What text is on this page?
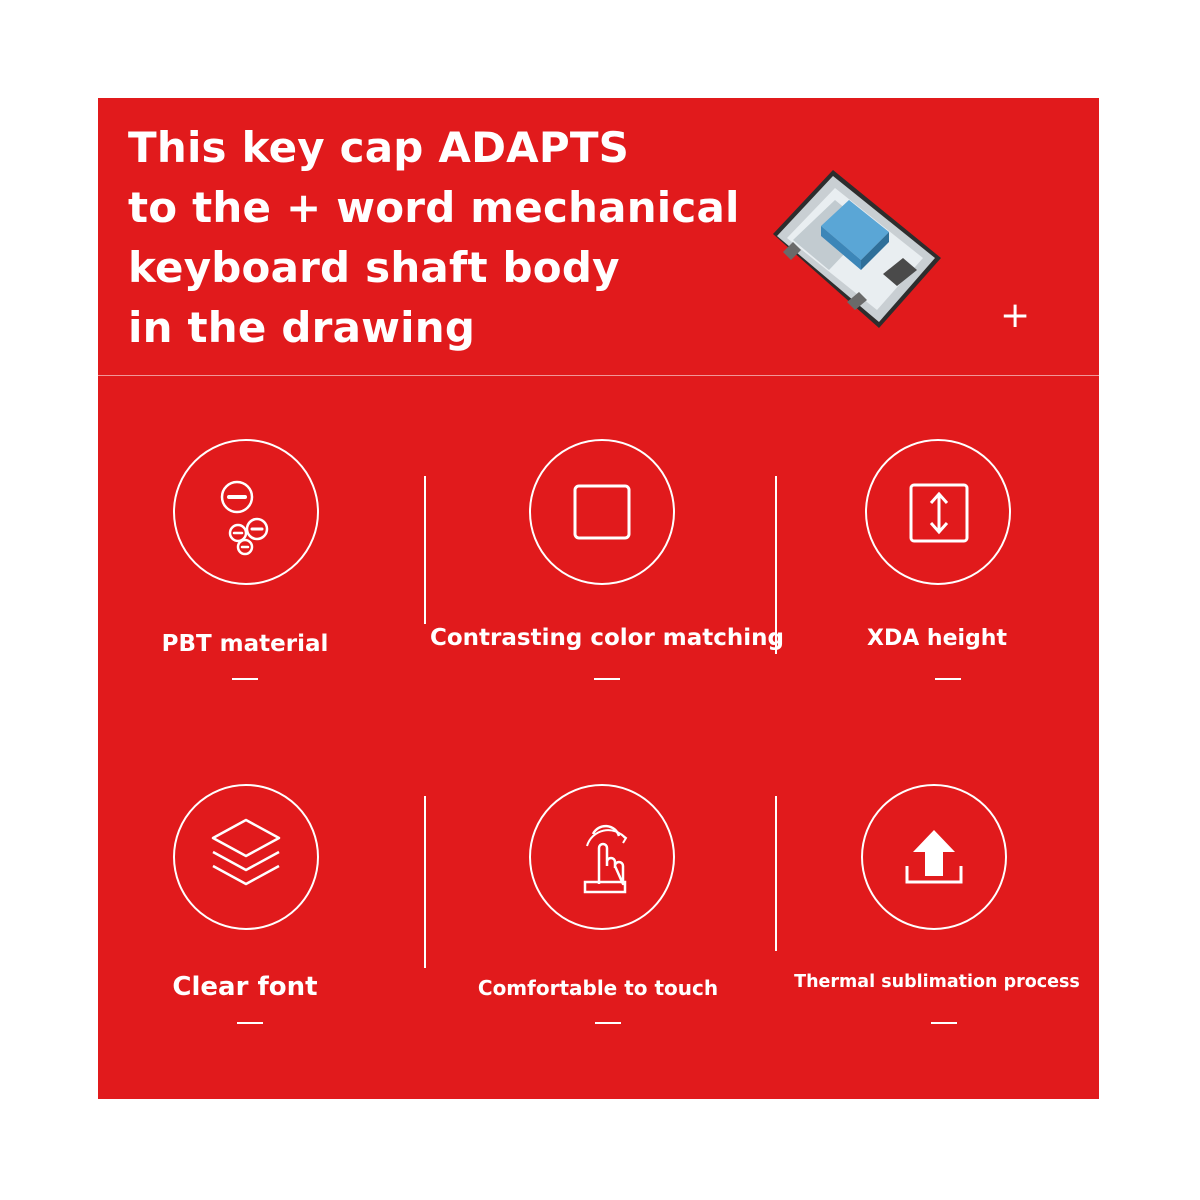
This key cap ADAPTS
to the + word mechanical
keyboard shaft body
in the drawing	+
PBT material	Contrasting color matching	XDA height
Clear font	Comfortable to touch	Thermal sublimation process
